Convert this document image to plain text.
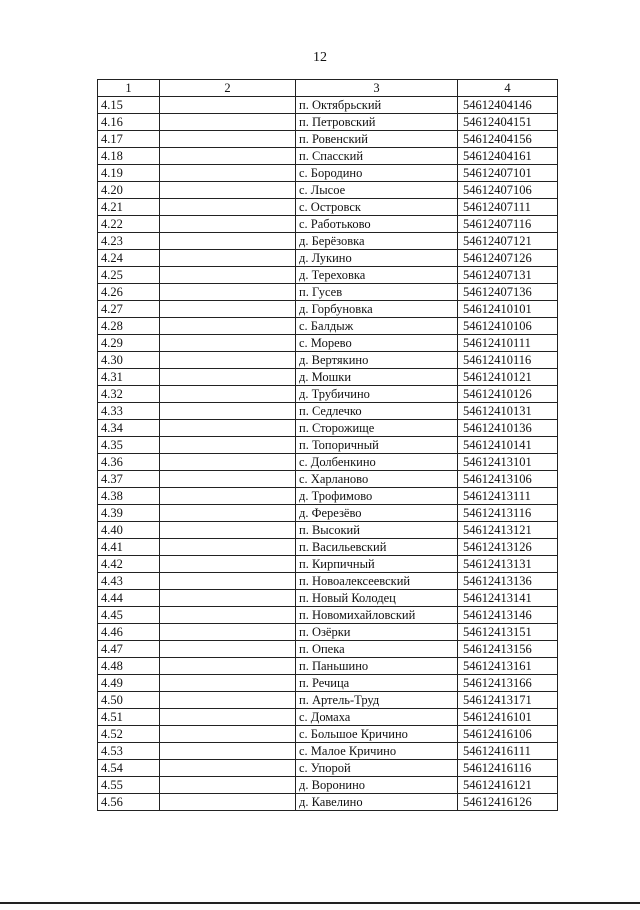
12
1	2	3	4
4.15		п. Октябрьский	54612404146
4.16		п. Петровский	54612404151
4.17		п. Ровенский	54612404156
4.18		п. Спасский	54612404161
4.19		с. Бородино	54612407101
4.20		с. Лысое	54612407106
4.21		с. Островск	54612407111
4.22		с. Работьково	54612407116
4.23		д. Берёзовка	54612407121
4.24		д. Лукино	54612407126
4.25		д. Тереховка	54612407131
4.26		п. Гусев	54612407136
4.27		д. Горбуновка	54612410101
4.28		с. Балдыж	54612410106
4.29		с. Морево	54612410111
4.30		д. Вертякино	54612410116
4.31		д. Мошки	54612410121
4.32		д. Трубичино	54612410126
4.33		п. Седлечко	54612410131
4.34		п. Сторожище	54612410136
4.35		п. Топоричный	54612410141
4.36		с. Долбенкино	54612413101
4.37		с. Харланово	54612413106
4.38		д. Трофимово	54612413111
4.39		д. Ферезёво	54612413116
4.40		п. Высокий	54612413121
4.41		п. Васильевский	54612413126
4.42		п. Кирпичный	54612413131
4.43		п. Новоалексеевский	54612413136
4.44		п. Новый Колодец	54612413141
4.45		п. Новомихайловский	54612413146
4.46		п. Озёрки	54612413151
4.47		п. Опека	54612413156
4.48		п. Паньшино	54612413161
4.49		п. Речица	54612413166
4.50		п. Артель-Труд	54612413171
4.51		с. Домаха	54612416101
4.52		с. Большое Кричино	54612416106
4.53		с. Малое Кричино	54612416111
4.54		с. Упорой	54612416116
4.55		д. Воронино	54612416121
4.56		д. Кавелино	54612416126
